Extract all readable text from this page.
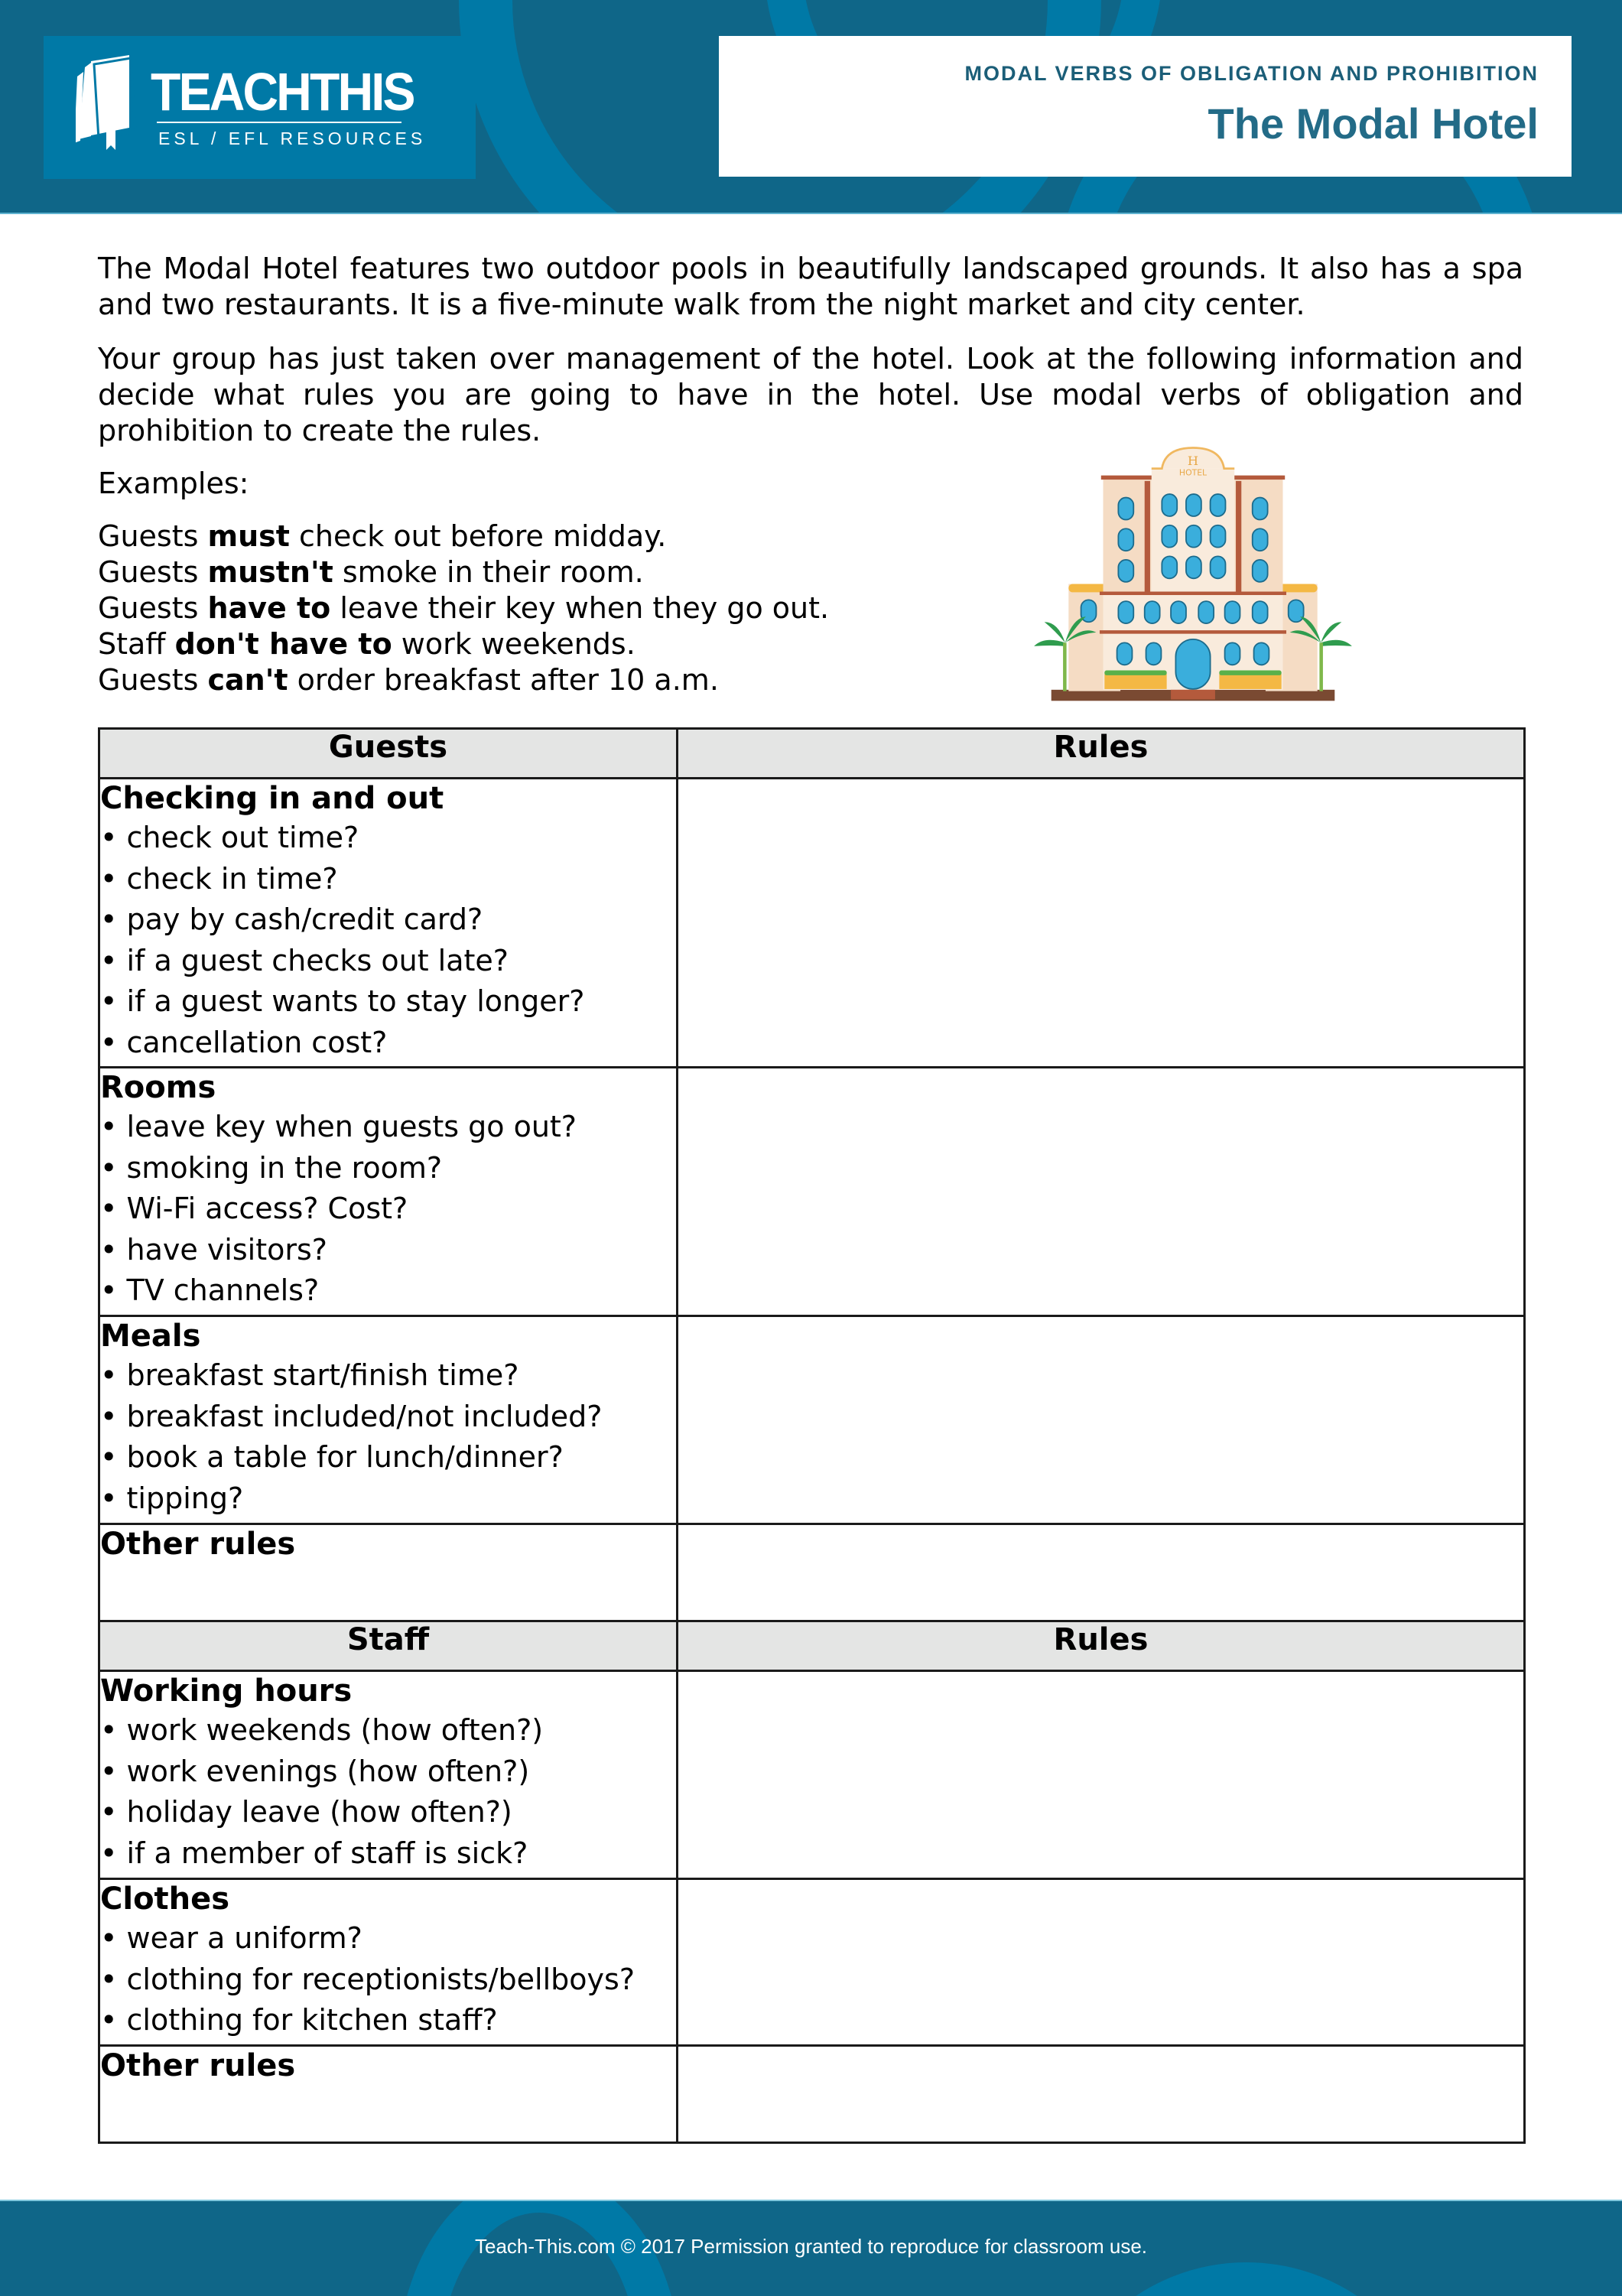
TEACHTHIS
ESL / EFL RESOURCES
MODAL VERBS OF OBLIGATION AND PROHIBITION
The Modal Hotel

The Modal Hotel features two outdoor pools in beautifully landscaped grounds. It also has a spa and two restaurants. It is a five-minute walk from the night market and city center.

Your group has just taken over management of the hotel. Look at the following information and decide what rules you are going to have in the hotel. Use modal verbs of obligation and prohibition to create the rules.

Examples:
Guests must check out before midday.
Guests mustn't smoke in their room.
Guests have to leave their key when they go out.
Staff don't have to work weekends.
Guests can't order breakfast after 10 a.m.
HOTEL
H
Guests	Rules

Checking in and out
• check out time?
• check in time?
• pay by cash/credit card?
• if a guest checks out late?
• if a guest wants to stay longer?
• cancellation cost?

Rooms
• leave key when guests go out?
• smoking in the room?
• Wi-Fi access? Cost?
• have visitors?
• TV channels?

Meals
• breakfast start/finish time?
• breakfast included/not included?
• book a table for lunch/dinner?
• tipping?

Other rules	

Staff	Rules

Working hours
• work weekends (how often?)
• work evenings (how often?)
• holiday leave (how often?)
• if a member of staff is sick?

Clothes
• wear a uniform?
• clothing for receptionists/bellboys?
• clothing for kitchen staff?

Other rules	

Teach-This.com © 2017 Permission granted to reproduce for classroom use.
